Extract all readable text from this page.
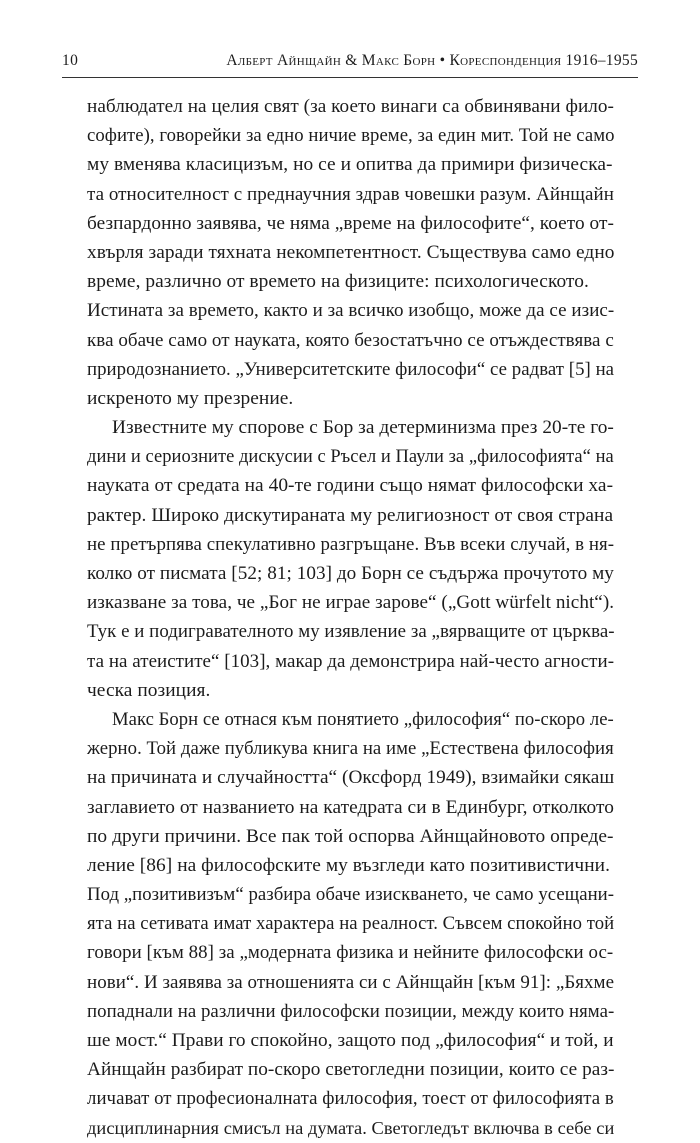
10	Алберт Айнщайн & Макс Борн • Кореспонденция 1916–1955
наблюдател на целия свят (за което винаги са обвинявани фило-
софите), говорейки за едно ничие време, за един мит. Той не само
му вменява класицизъм, но се и опитва да примири физическа-
та относителност с преднаучния здрав човешки разум. Айнщайн
безпардонно заявява, че няма „време на философите“, което от-
хвърля заради тяхната некомпетентност. Съществува само едно
време, различно от времето на физиците: психологическото.
Истината за времето, както и за всичко изобщо, може да се изис-
ква обаче само от науката, която безостатъчно се отъждествява с
природознанието. „Университетските философи“ се радват [5] на
искреното му презрение.
Известните му спорове с Бор за детерминизма през 20-те го-
дини и сериозните дискусии с Ръсел и Паули за „философията“ на
науката от средата на 40-те години също нямат философски ха-
рактер. Широко дискутираната му религиозност от своя страна
не претърпява спекулативно разгръщане. Във всеки случай, в ня-
колко от писмата [52; 81; 103] до Борн се съдържа прочутото му
изказване за това, че „Бог не играе зарове“ („Gott würfelt nicht“).
Тук е и подигравателното му изявление за „вярващите от църква-
та на атеистите“ [103], макар да демонстрира най-често агности-
ческа позиция.
Макс Борн се отнася към понятието „философия“ по-скоро ле-
жерно. Той даже публикува книга на име „Естествена философия
на причината и случайността“ (Оксфорд 1949), взимайки сякаш
заглавието от названието на катедрата си в Единбург, отколкото
по други причини. Все пак той оспорва Айнщайновото опреде-
ление [86] на философските му възгледи като позитивистични.
Под „позитивизъм“ разбира обаче изискването, че само усещани-
ята на сетивата имат характера на реалност. Съвсем спокойно той
говори [към 88] за „модерната физика и нейните философски ос-
нови“. И заявява за отношенията си с Айнщайн [към 91]: „Бяхме
попаднали на различни философски позиции, между които няма-
ше мост.“ Прави го спокойно, защото под „философия“ и той, и
Айнщайн разбират по-скоро светогледни позиции, които се раз-
личават от професионалната философия, тоест от философията в
дисциплинарния смисъл на думата. Светогледът включва в себе си
